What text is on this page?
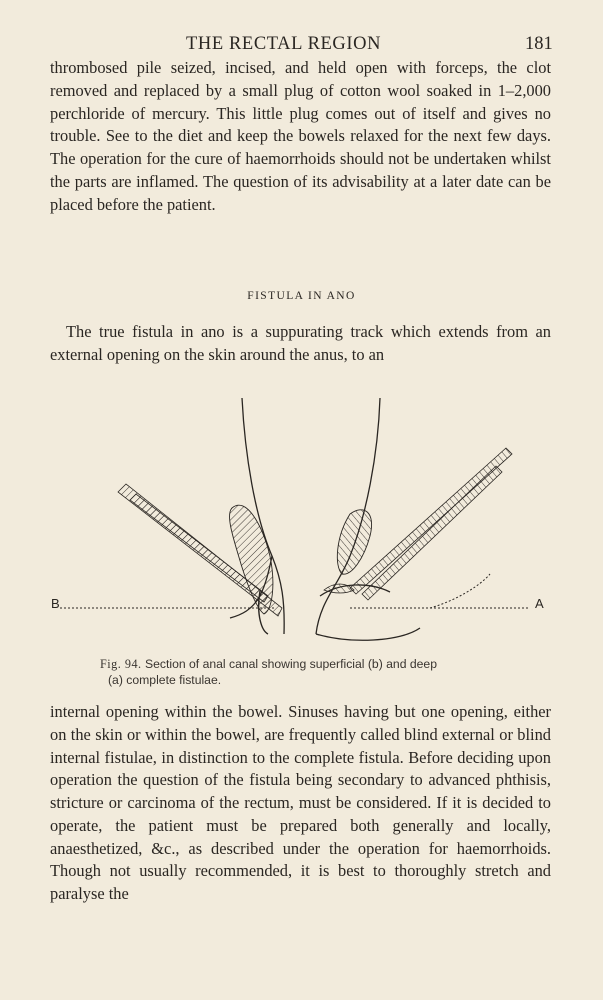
THE RECTAL REGION	181

thrombosed pile seized, incised, and held open with forceps, the clot removed and replaced by a small plug of cotton wool soaked in 1–2,000 perchloride of mercury. This little plug comes out of itself and gives no trouble. See to the diet and keep the bowels relaxed for the next few days. The operation for the cure of haemorrhoids should not be undertaken whilst the parts are inflamed. The question of its advisability at a later date can be placed before the patient.

FISTULA IN ANO

The true fistula in ano is a suppurating track which extends from an external opening on the skin around the anus, to an

B	A
Fig. 94. Section of anal canal showing superficial (b) and deep
(a) complete fistulae.

internal opening within the bowel. Sinuses having but one opening, either on the skin or within the bowel, are frequently called blind external or blind internal fistulae, in distinction to the complete fistula. Before deciding upon operation the question of the fistula being secondary to advanced phthisis, stricture or carcinoma of the rectum, must be considered. If it is decided to operate, the patient must be prepared both generally and locally, anaesthetized, &c., as described under the operation for haemorrhoids. Though not usually recommended, it is best to thoroughly stretch and paralyse the
